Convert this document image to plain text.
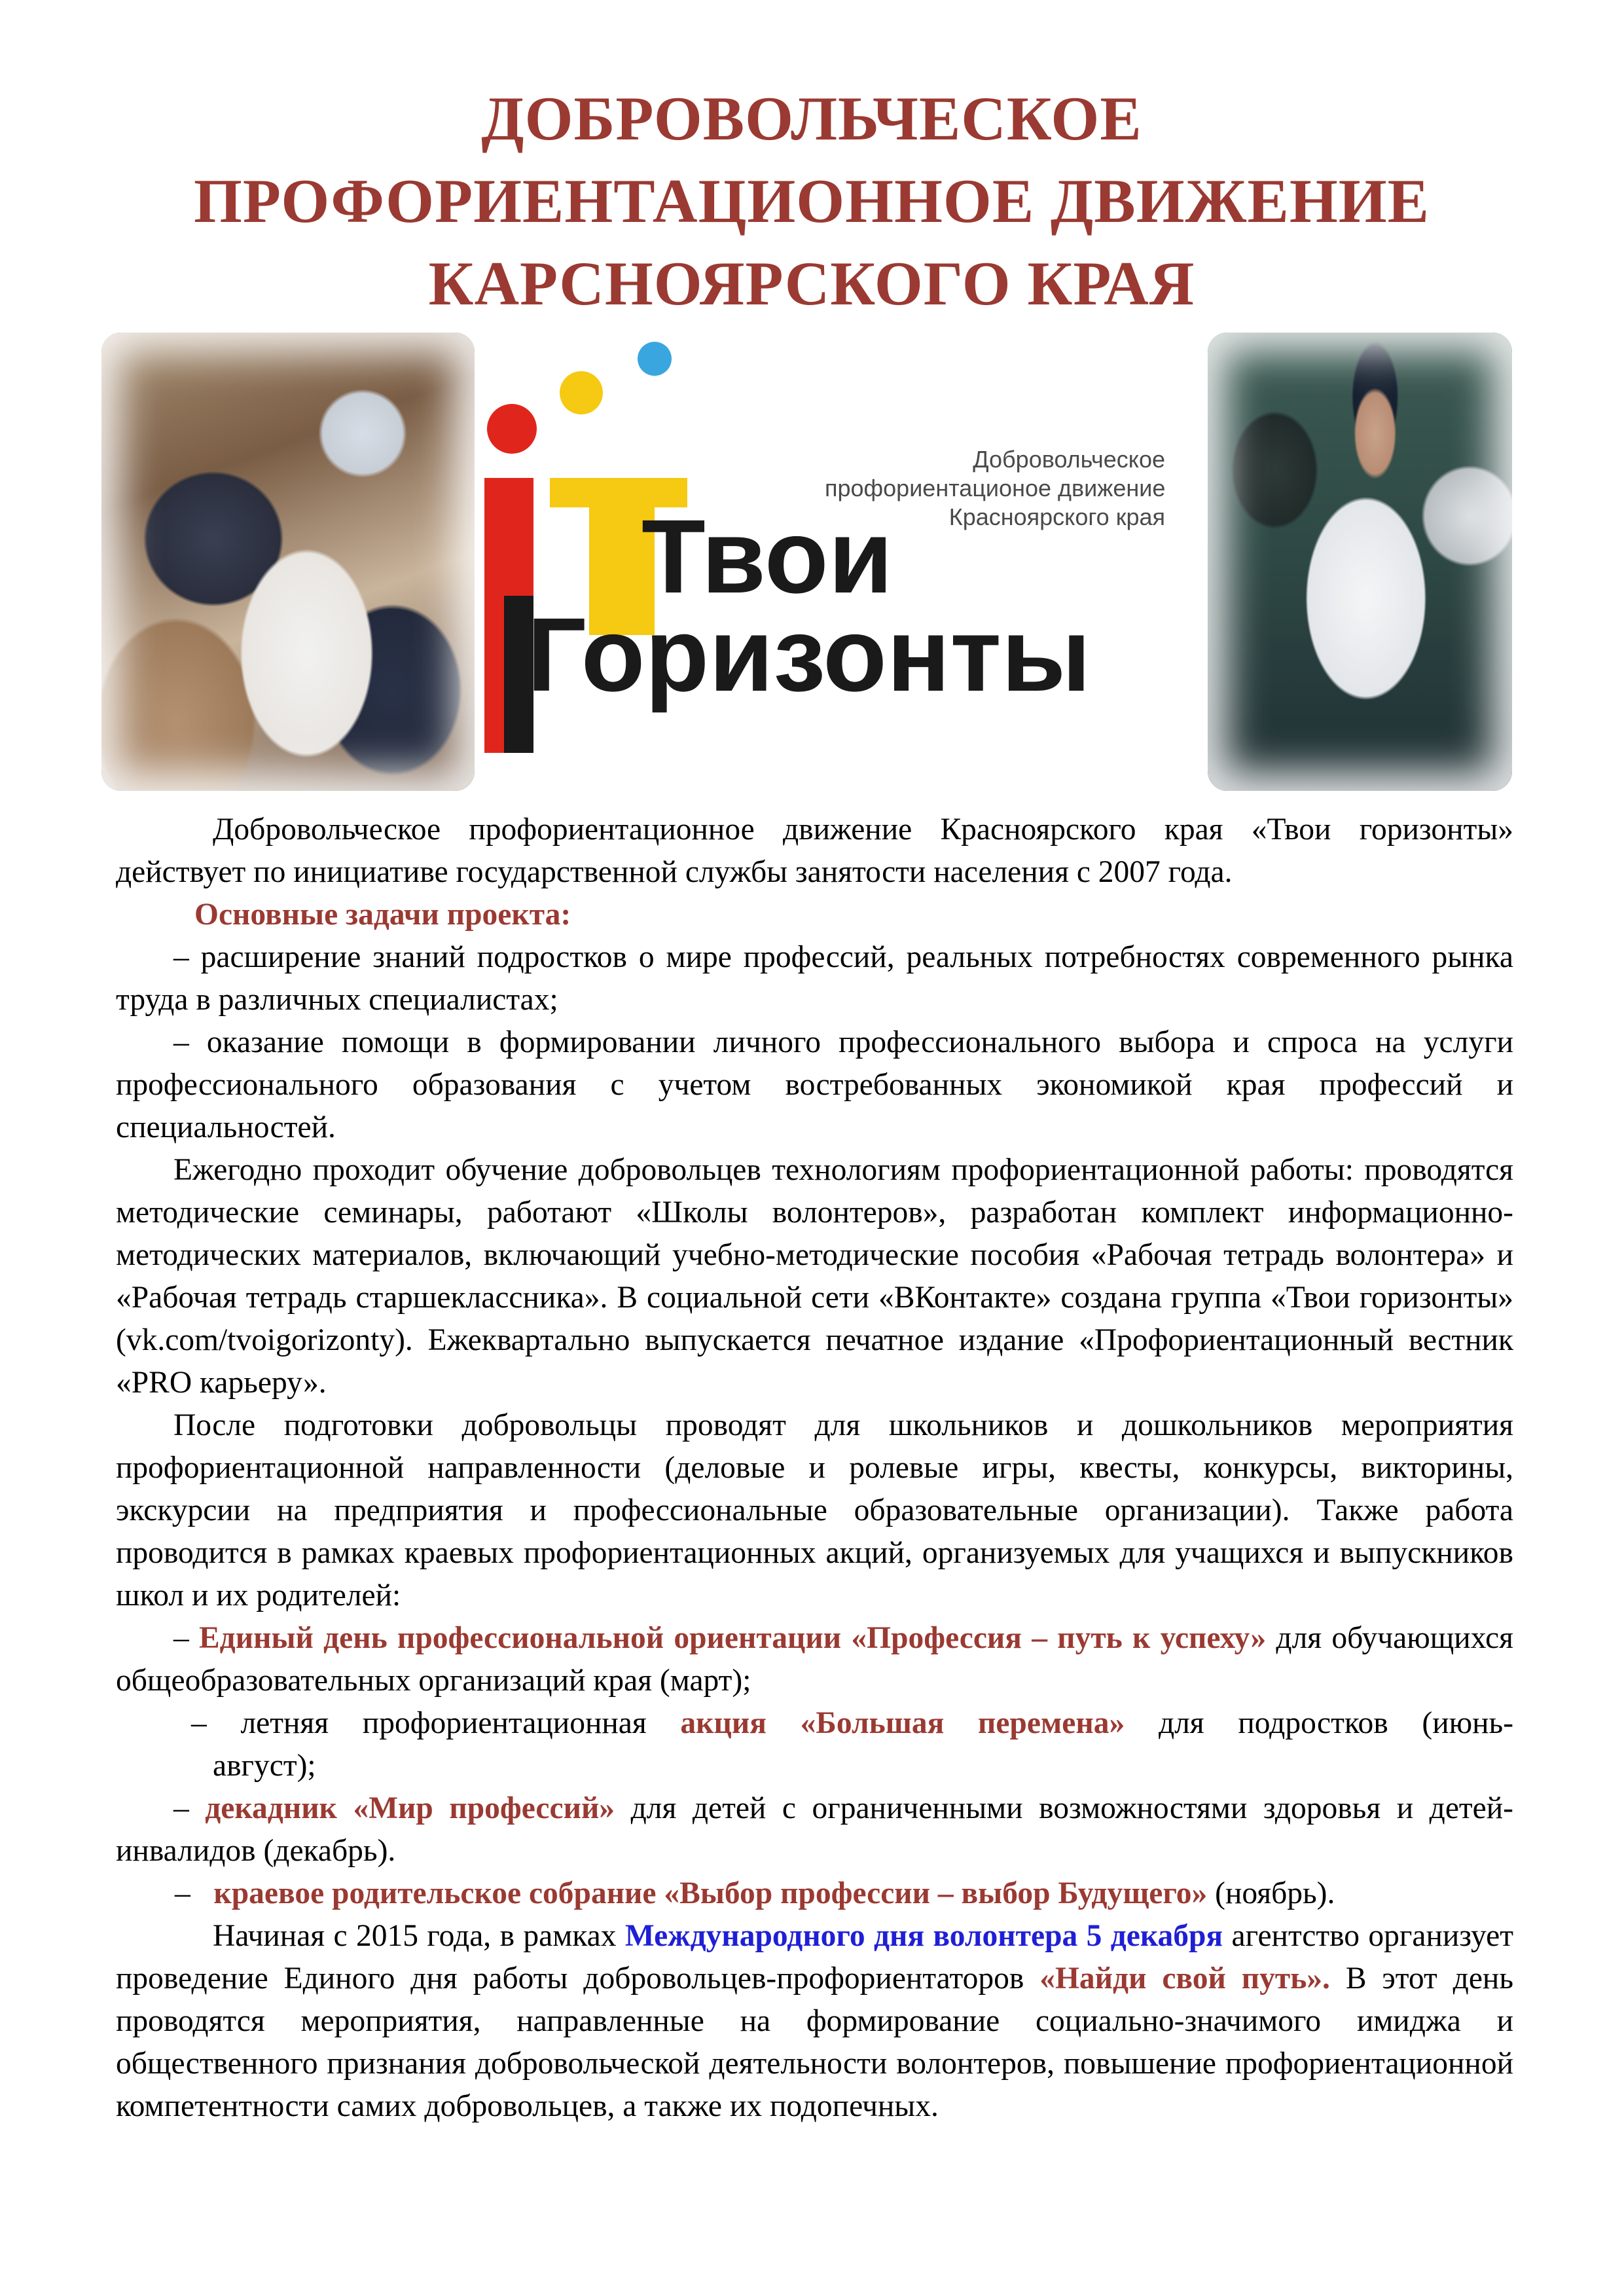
ДОБРОВОЛЬЧЕСКОЕ
ПРОФОРИЕНТАЦИОННОЕ ДВИЖЕНИЕ
КАРСНОЯРСКОГО КРАЯ
Добровольческое
профориентационое движение
Красноярского края
Твои
Горизонты

Добровольческое профориентационное движение Красноярского края «Твои горизонты» действует по инициативе государственной службы занятости населения с 2007 года.

Основные задачи проекта:

– расширение знаний подростков о мире профессий, реальных потребностях современного рынка труда в различных специалистах;

– оказание помощи в формировании личного профессионального выбора и спроса на услуги профессионального образования с учетом востребованных экономикой края профессий и специальностей.

Ежегодно проходит обучение добровольцев технологиям профориентационной работы: проводятся методические семинары, работают «Школы волонтеров», разработан комплект информационно-методических материалов, включающий учебно-методические пособия «Рабочая тетрадь волонтера» и «Рабочая тетрадь старшеклассника». В социальной сети «ВКонтакте» создана группа «Твои горизонты» (vk.com/tvoigorizonty). Ежеквартально выпускается печатное издание «Профориентационный вестник «PRO карьеру».

После подготовки добровольцы проводят для школьников и дошкольников мероприятия профориентационной направленности (деловые и ролевые игры, квесты, конкурсы, викторины, экскурсии на предприятия и профессиональные образовательные организации). Также работа проводится в рамках краевых профориентационных акций, организуемых для учащихся и выпускников школ и их родителей:

– Единый день профессиональной ориентации «Профессия – путь к успеху» для обучающихся общеобразовательных организаций края (март);

– летняя профориентационная акция «Большая перемена» для подростков (июнь-

август);

– декадник «Мир профессий» для детей с ограниченными возможностями здоровья и детей-инвалидов (декабрь).

– краевое родительское собрание «Выбор профессии – выбор Будущего» (ноябрь).

Начиная с 2015 года, в рамках Международного дня волонтера 5 декабря агентство организует проведение Единого дня работы добровольцев-профориентаторов «Найди свой путь». В этот день проводятся мероприятия, направленные на формирование социально-значимого имиджа и общественного признания добровольческой деятельности волонтеров, повышение профориентационной компетентности самих добровольцев, а также их подопечных.
